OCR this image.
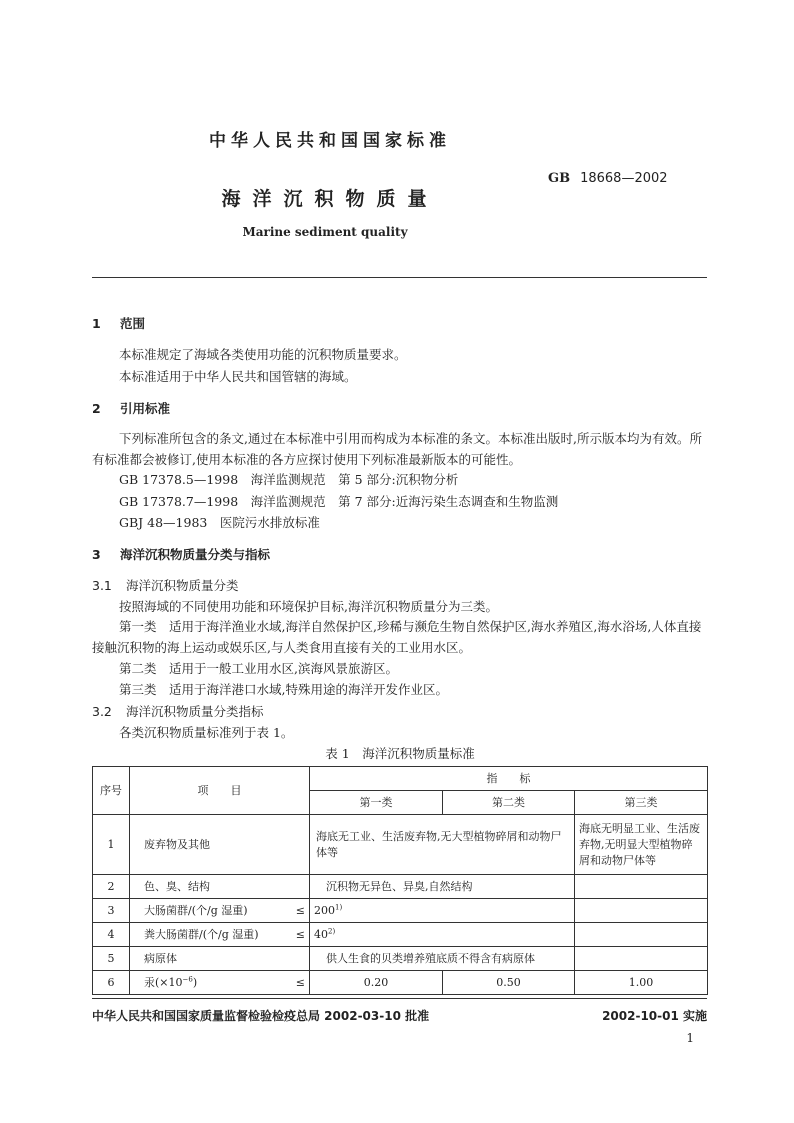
中华人民共和国国家标准
GB 18668—2002
海洋沉积物质量
Marine sediment quality
1 范围
本标准规定了海域各类使用功能的沉积物质量要求。
本标准适用于中华人民共和国管辖的海域。
2 引用标准
下列标准所包含的条文,通过在本标准中引用而构成为本标准的条文。本标准出版时,所示版本均为有效。所有标准都会被修订,使用本标准的各方应探讨使用下列标准最新版本的可能性。
GB 17378.5—1998　海洋监测规范　第 5 部分:沉积物分析
GB 17378.7—1998　海洋监测规范　第 7 部分:近海污染生态调查和生物监测
GBJ 48—1983　医院污水排放标准
3 海洋沉积物质量分类与指标
3.1 海洋沉积物质量分类
按照海域的不同使用功能和环境保护目标,海洋沉积物质量分为三类。
第一类　适用于海洋渔业水域,海洋自然保护区,珍稀与濒危生物自然保护区,海水养殖区,海水浴场,人体直接接触沉积物的海上运动或娱乐区,与人类食用直接有关的工业用水区。
第二类　适用于一般工业用水区,滨海风景旅游区。
第三类　适用于海洋港口水域,特殊用途的海洋开发作业区。
3.2 海洋沉积物质量分类指标
各类沉积物质量标准列于表 1。
表 1　海洋沉积物质量标准
序号	项　　目	指　　标		
		第一类	第二类	第三类
1	废弃物及其他	海底无工业、生活废弃物,无大型植物碎屑和动物尸体等		海底无明显工业、生活废弃物,无明显大型植物碎屑和动物尸体等
2	色、臭、结构	沉积物无异色、异臭,自然结构		
3	大肠菌群/(个/g 湿重) ≤	$200^{1)}$	
4	粪大肠菌群/(个/g 湿重) ≤	$40^{2)}$	
5	病原体	供人生食的贝类增养殖底质不得含有病原体		
6	汞$(\times 10^{-6})$ ≤	0.20	0.50	1.00
中华人民共和国国家质量监督检验检疫总局 2002-03-10 批准	2002-10-01 实施
1
